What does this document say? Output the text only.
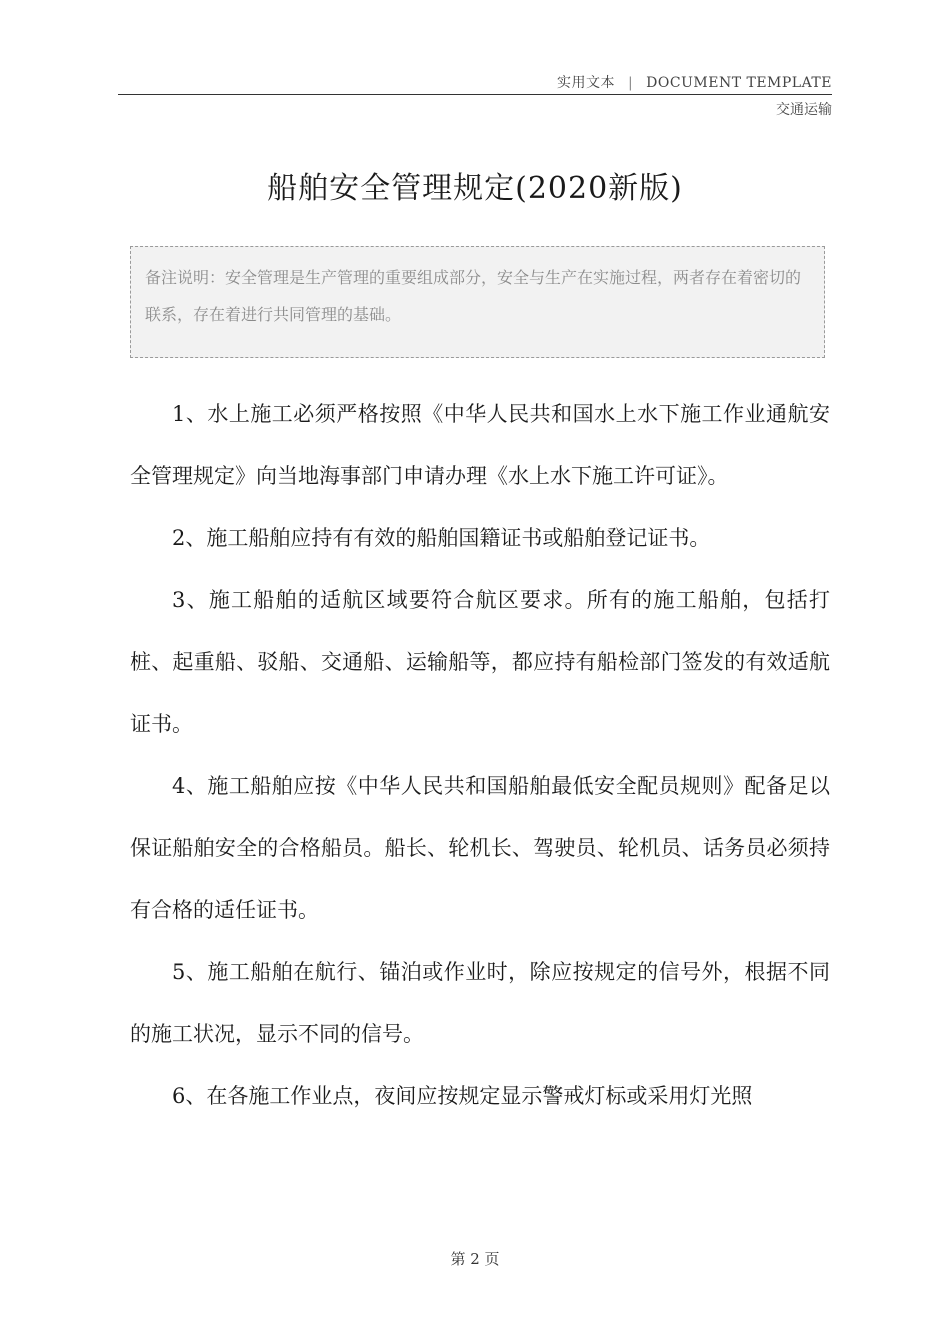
实用文本 | DOCUMENT TEMPLATE
交通运输
船舶安全管理规定(2020新版)
备注说明：安全管理是生产管理的重要组成部分，安全与生产在实施过程，两者存在着密切的联系，存在着进行共同管理的基础。

1、水上施工必须严格按照《中华人民共和国水上水下施工作业通航安全管理规定》向当地海事部门申请办理《水上水下施工许可证》。

2、施工船舶应持有有效的船舶国籍证书或船舶登记证书。

3、施工船舶的适航区域要符合航区要求。所有的施工船舶，包括打桩、起重船、驳船、交通船、运输船等，都应持有船检部门签发的有效适航证书。

4、施工船舶应按《中华人民共和国船舶最低安全配员规则》配备足以保证船舶安全的合格船员。船长、轮机长、驾驶员、轮机员、话务员必须持有合格的适任证书。

5、施工船舶在航行、锚泊或作业时，除应按规定的信号外，根据不同的施工状况，显示不同的信号。

6、在各施工作业点，夜间应按规定显示警戒灯标或采用灯光照

第 2 页
